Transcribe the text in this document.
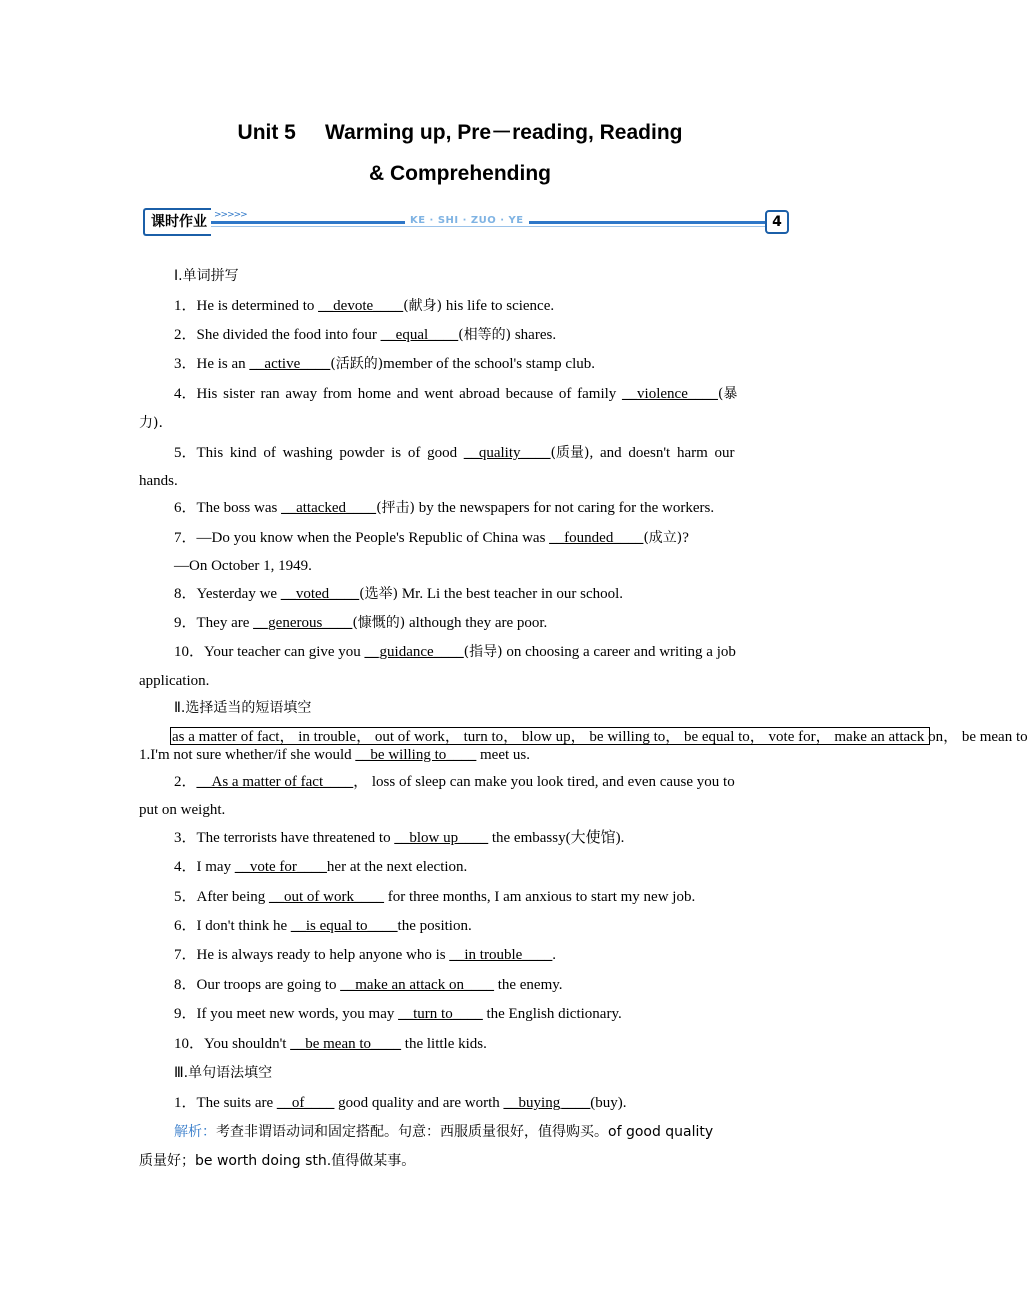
Unit 5     Warming up, Pre－reading, Reading
& Comprehending
课时作业 >>>>>	KE · SHI · ZUO · YE	4
Ⅰ.单词拼写
1．He is determined to __devote____(献身) his life to science.
2．She divided the food into four __equal____(相等的) shares.
3．He is an __active____(活跃的)member of the school's stamp club.
4．His sister ran away from home and went abroad because of family __violence____(暴
力).
5．This kind of washing powder is of good __quality____(质量), and doesn't harm our
hands.
6．The boss was __attacked____(抨击) by the newspapers for not caring for the workers.
7．—Do you know when the People's Republic of China was __founded____(成立)?
—On October 1, 1949.
8．Yesterday we __voted____(选举) Mr. Li the best teacher in our school.
9．They are __generous____(慷慨的) although they are poor.
10．Your teacher can give you __guidance____(指导) on choosing a career and writing a job
application.
Ⅱ.选择适当的短语填空
as a matter of fact， in trouble， out of work， turn to， blow up， be willing to， be equal to， vote for， make an attack on， be mean to
1.I'm not sure whether/if she would __be willing to____ meet us.
2．__As a matter of fact____， loss of sleep can make you look tired, and even cause you to
put on weight.
3．The terrorists have threatened to __blow up____ the embassy(大使馆).
4．I may __vote for____her at the next election.
5．After being __out of work____ for three months, I am anxious to start my new job.
6．I don't think he __is equal to____the position.
7．He is always ready to help anyone who is __in trouble____.
8．Our troops are going to __make an attack on____ the enemy.
9．If you meet new words, you may __turn to____ the English dictionary.
10．You shouldn't __be mean to____ the little kids.
Ⅲ.单句语法填空
1．The suits are __of____ good quality and are worth __buying____(buy).
解析：考查非谓语动词和固定搭配。句意：西服质量很好，值得购买。of good quality
质量好；be worth doing sth.值得做某事。
